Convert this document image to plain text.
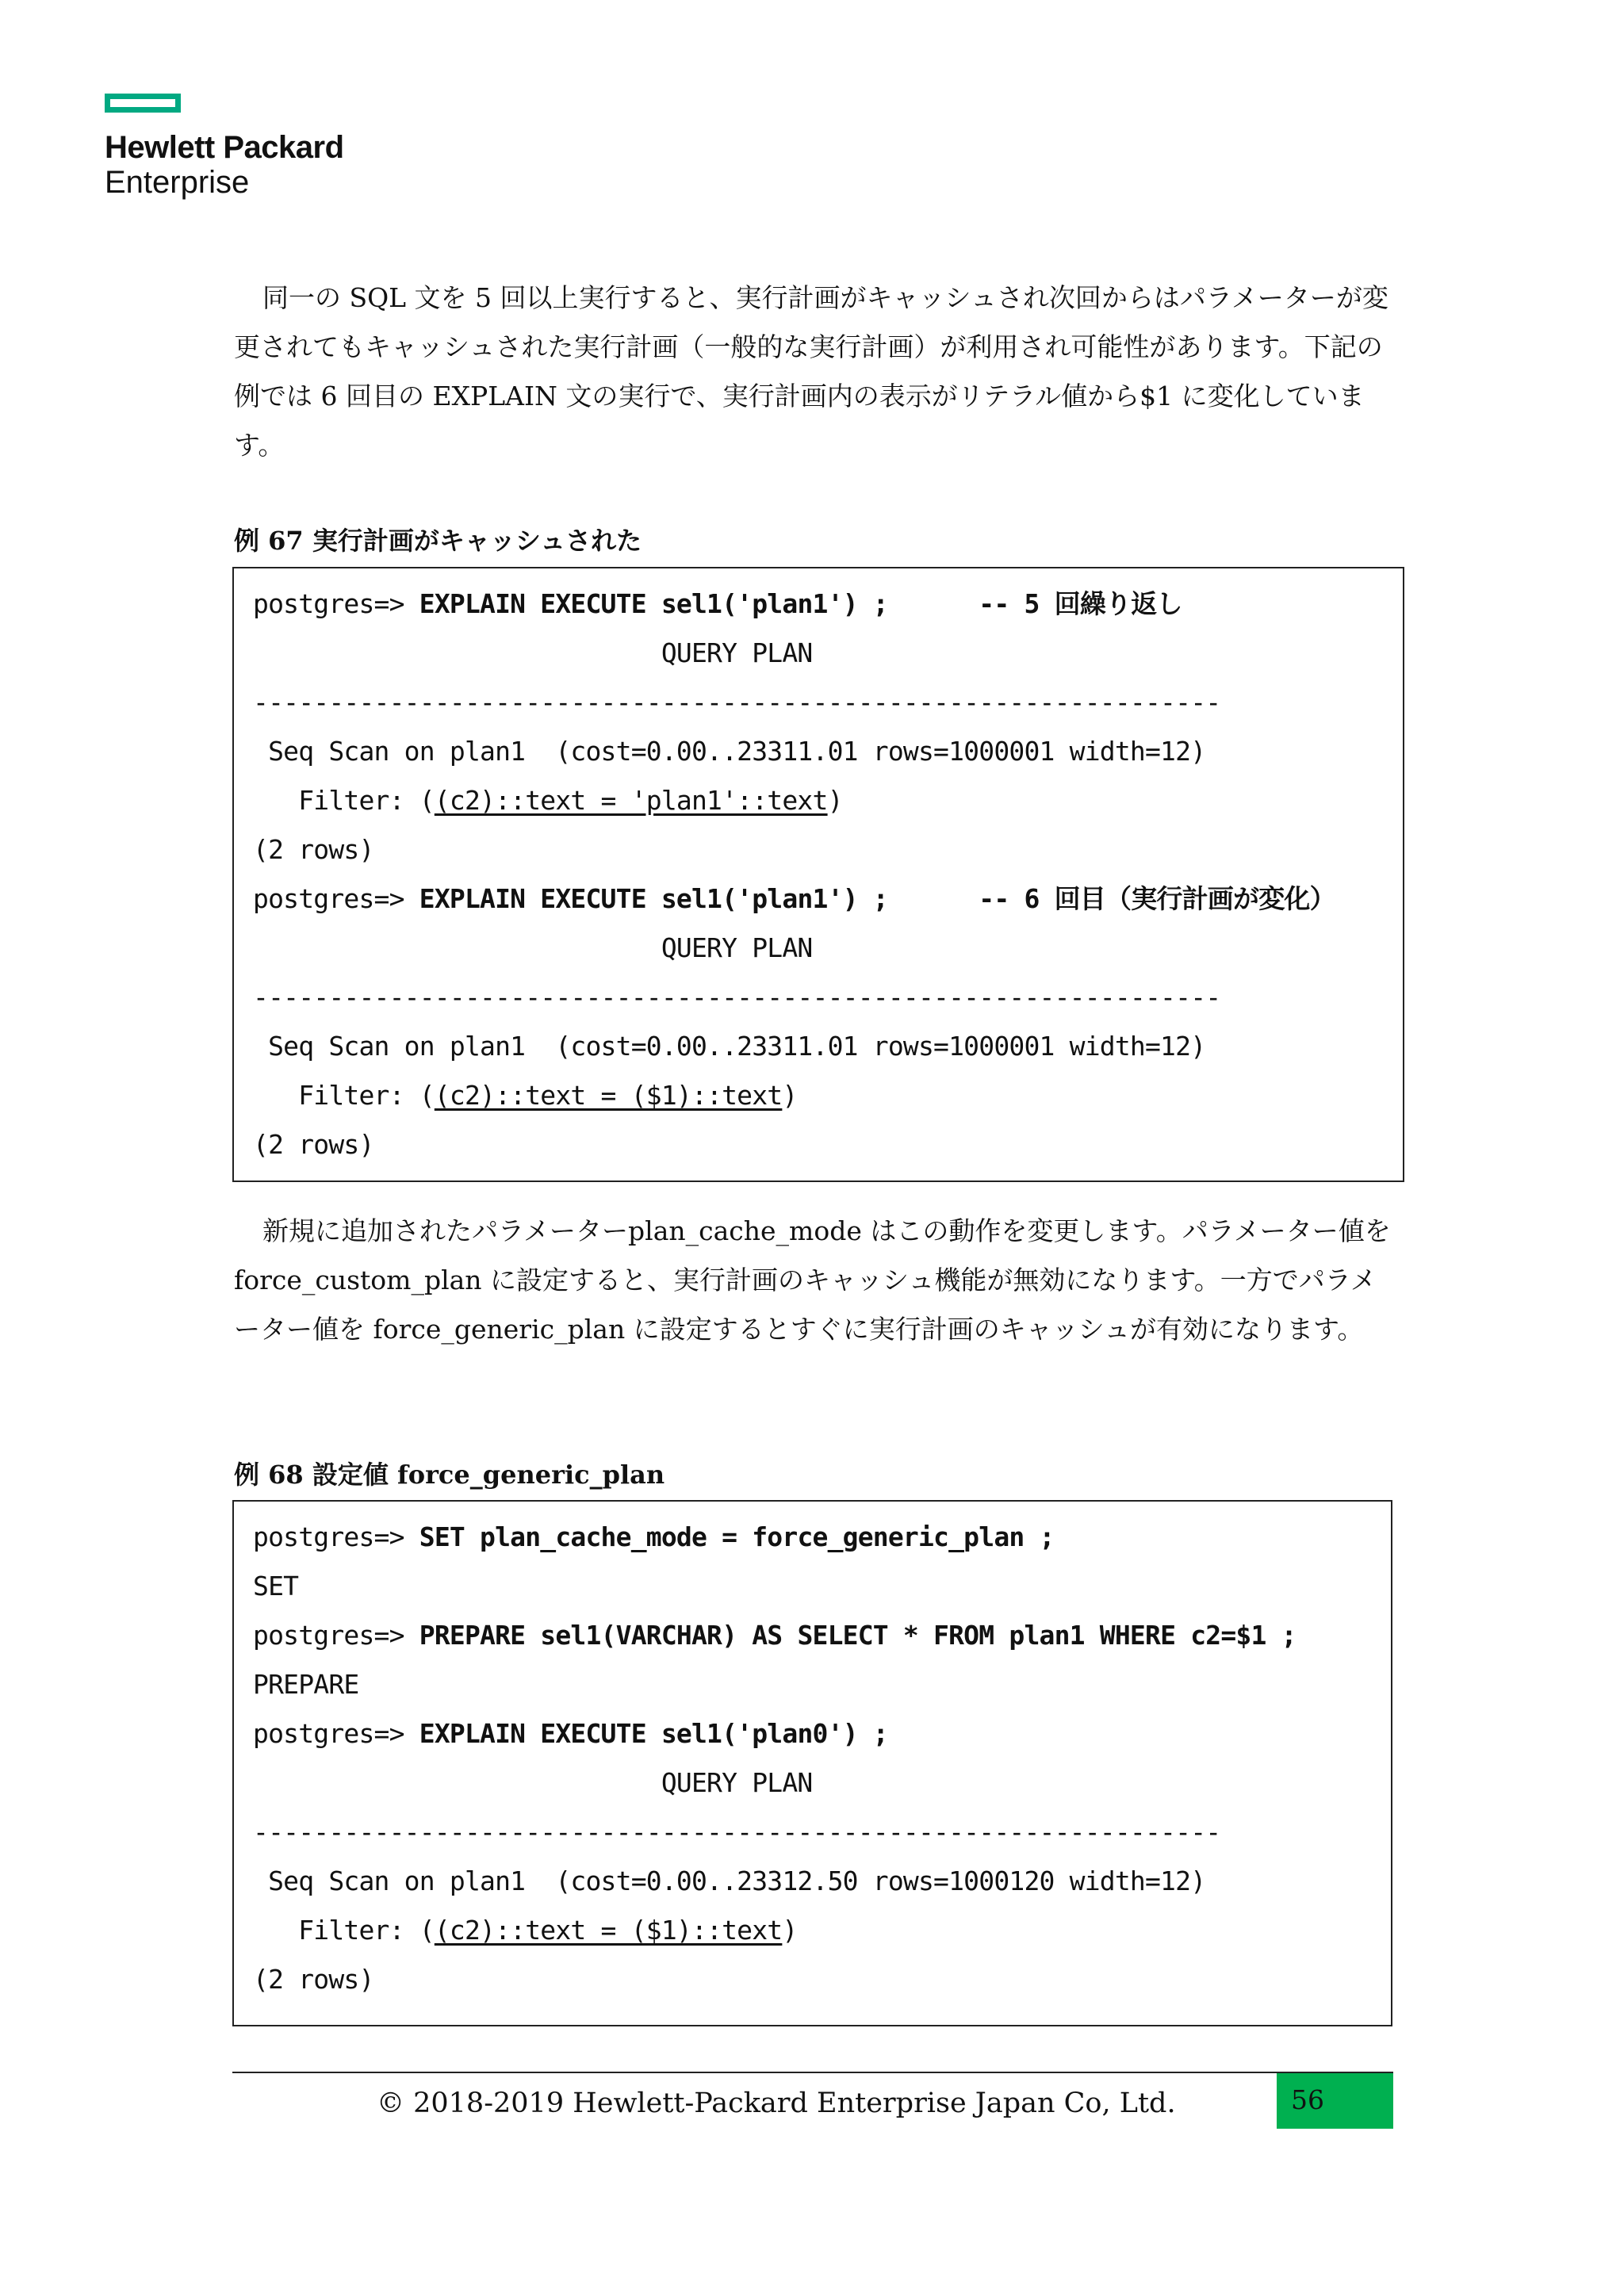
Hewlett Packard
Enterprise

同一の SQL 文を 5 回以上実行すると、実行計画がキャッシュされ次回からはパラメーターが変更されてもキャッシュされた実行計画（一般的な実行計画）が利用され可能性があります。下記の例では 6 回目の EXPLAIN 文の実行で、実行計画内の表示がリテラル値から$1 に変化しています。

例 67 実行計画がキャッシュされた
postgres=> EXPLAIN EXECUTE sel1('plan1') ;      -- 5 回繰り返し
QUERY PLAN
----------------------------------------------------------------
Seq Scan on plan1  (cost=0.00..23311.01 rows=1000001 width=12)
Filter: ((c2)::text = 'plan1'::text)
(2 rows)
postgres=> EXPLAIN EXECUTE sel1('plan1') ;      -- 6 回目（実行計画が変化）
QUERY PLAN
----------------------------------------------------------------
Seq Scan on plan1  (cost=0.00..23311.01 rows=1000001 width=12)
Filter: ((c2)::text = ($1)::text)
(2 rows)

新規に追加されたパラメーターplan_cache_mode はこの動作を変更します。パラメーター値を force_custom_plan に設定すると、実行計画のキャッシュ機能が無効になります。一方でパラメーター値を force_generic_plan に設定するとすぐに実行計画のキャッシュが有効になります。

例 68 設定値 force_generic_plan
postgres=> SET plan_cache_mode = force_generic_plan ;
SET
postgres=> PREPARE sel1(VARCHAR) AS SELECT * FROM plan1 WHERE c2=$1 ;
PREPARE
postgres=> EXPLAIN EXECUTE sel1('plan0') ;
QUERY PLAN
----------------------------------------------------------------
Seq Scan on plan1  (cost=0.00..23312.50 rows=1000120 width=12)
Filter: ((c2)::text = ($1)::text)
(2 rows)
© 2018-2019 Hewlett-Packard Enterprise Japan Co, Ltd.	56
